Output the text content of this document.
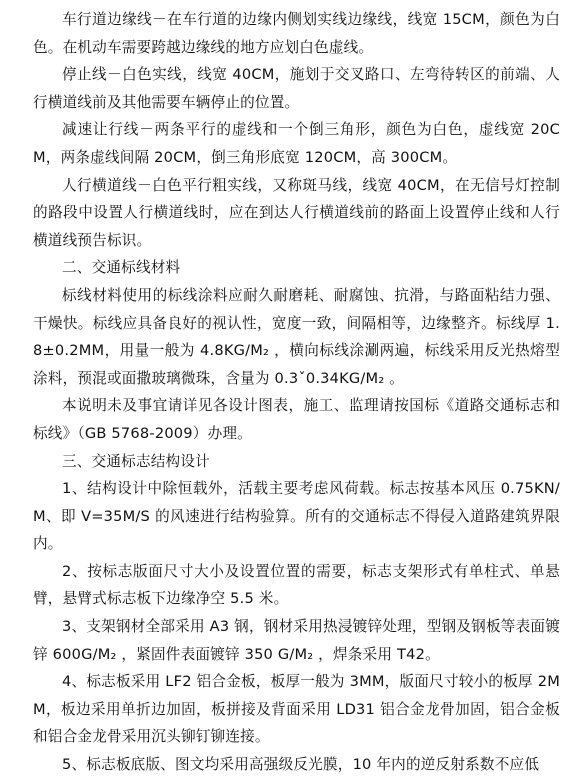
车行道边缘线－在车行道的边缘内侧划实线边缘线，线宽 15CM，颜色为白色。在机动车需要跨越边缘线的地方应划白色虚线。

停止线－白色实线，线宽 40CM，施划于交叉路口、左弯待转区的前端、人行横道线前及其他需要车辆停止的位置。

减速让行线－两条平行的虚线和一个倒三角形，颜色为白色，虚线宽 20CM，两条虚线间隔 20CM，倒三角形底宽 120CM，高 300CM。

人行横道线－白色平行粗实线，又称斑马线，线宽 40CM，在无信号灯控制的路段中设置人行横道线时，应在到达人行横道线前的路面上设置停止线和人行横道线预告标识。

二、交通标线材料

标线材料使用的标线涂料应耐久耐磨耗、耐腐蚀、抗滑，与路面粘结力强、干燥快。标线应具备良好的视认性，宽度一致，间隔相等，边缘整齐。标线厚 1.8±0.2MM，用量一般为 4.8KG/M₂ ，横向标线涂涮两遍，标线采用反光热熔型涂料，预混或面撒玻璃微珠，含量为 0.3ˇ0.34KG/M₂ 。

本说明未及事宜请详见各设计图表，施工、监理请按国标《道路交通标志和标线》（GB 5768-2009）办理。

三、交通标志结构设计

1、结构设计中除恒载外，活载主要考虑风荷载。标志按基本风压 0.75KN/M、即 V=35M/S 的风速进行结构验算。所有的交通标志不得侵入道路建筑界限内。

2、按标志版面尺寸大小及设置位置的需要，标志支架形式有单柱式、单悬臂，悬臂式标志板下边缘净空 5.5 米。

3、支架钢材全部采用 A3 钢，钢材采用热浸镀锌处理，型钢及钢板等表面镀锌 600G/M₂ ，紧固件表面镀锌 350 G/M₂ ，焊条采用 T42。

4、标志板采用 LF2 铝合金板，板厚一般为 3MM，版面尺寸较小的板厚 2MM，板边采用单折边加固，板拼接及背面采用 LD31 铝合金龙骨加固，铝合金板和铝合金龙骨采用沉头铆钉铆连接。

5、标志板底版、图文均采用高强级反光膜，10 年内的逆反射系数不应低
